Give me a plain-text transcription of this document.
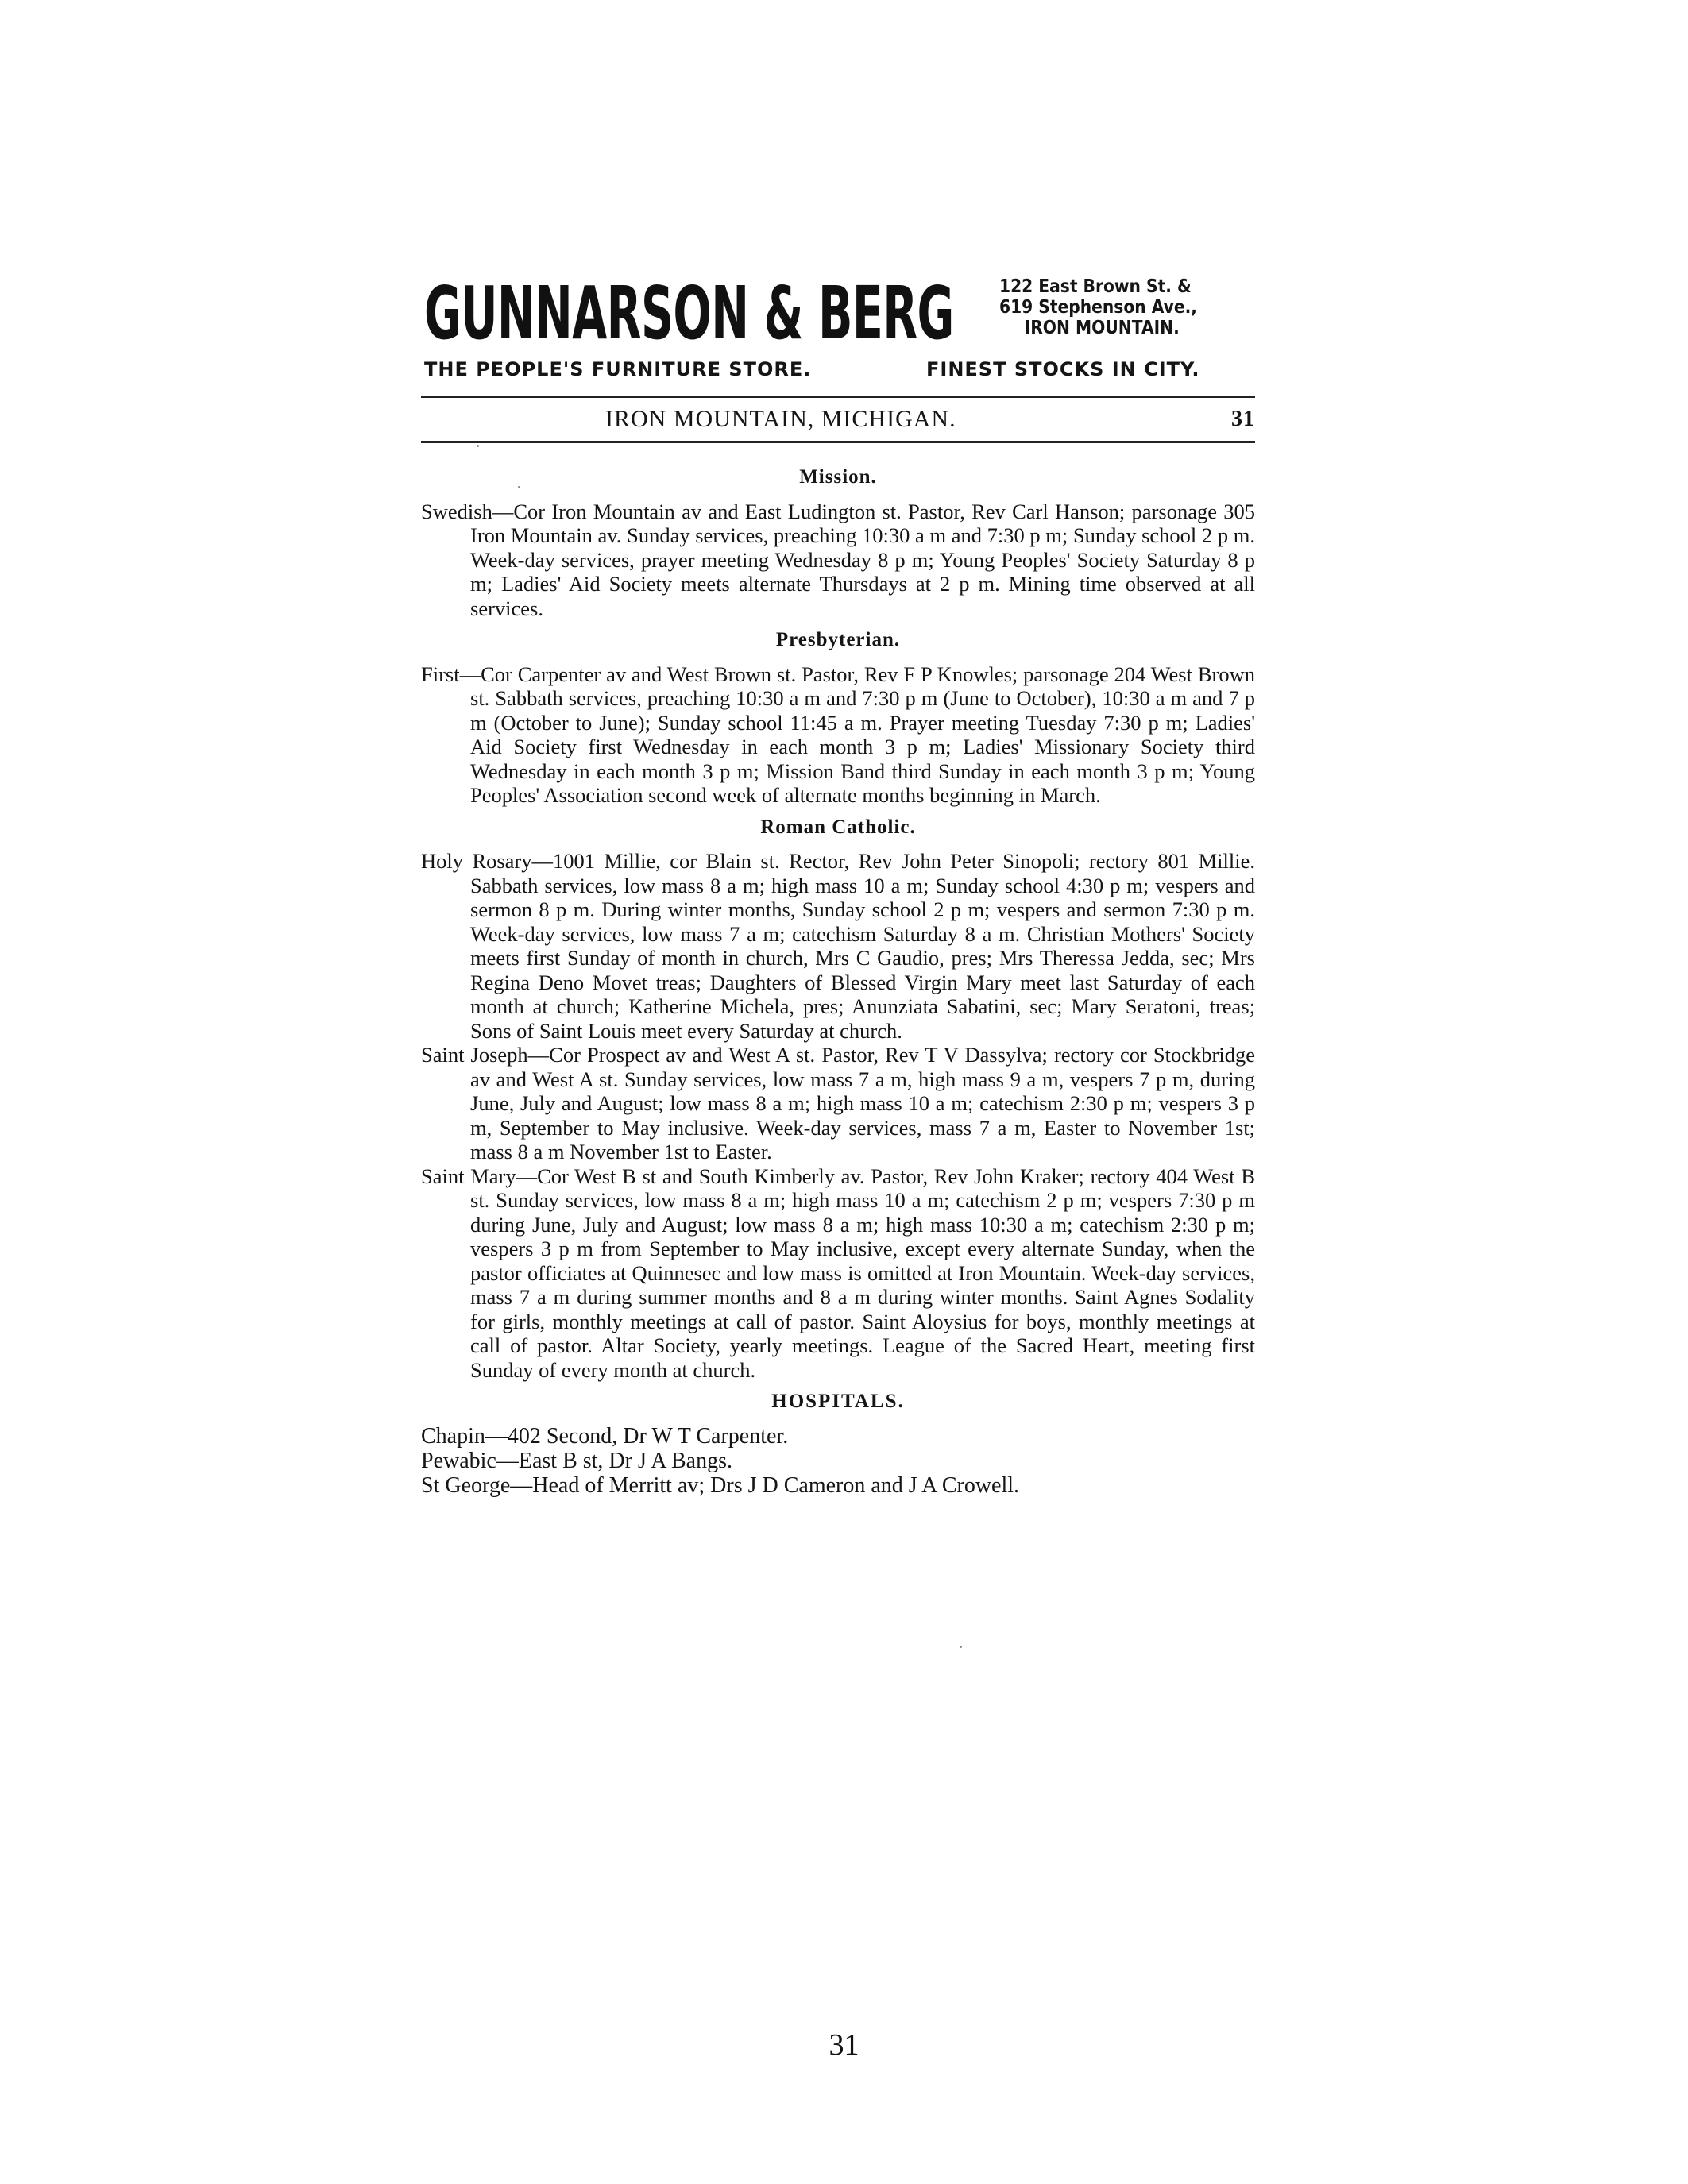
GUNNARSON & BERG 122 East Brown St. &
619 Stephenson Ave.,
IRON MOUNTAIN.
THE PEOPLE'S FURNITURE STORE.	FINEST STOCKS IN CITY.
IRON MOUNTAIN, MICHIGAN.	31
Mission.

Swedish—Cor Iron Mountain av and East Ludington st. Pastor, Rev Carl Hanson; parsonage 305 Iron Mountain av. Sunday services, preaching 10:30 a m and 7:30 p m; Sunday school 2 p m. Week-day services, prayer meeting Wednesday 8 p m; Young Peoples' Society Saturday 8 p m; Ladies' Aid Society meets alternate Thursdays at 2 p m. Mining time observed at all services.

Presbyterian.

First—Cor Carpenter av and West Brown st. Pastor, Rev F P Knowles; parsonage 204 West Brown st. Sabbath services, preaching 10:30 a m and 7:30 p m (June to October), 10:30 a m and 7 p m (October to June); Sunday school 11:45 a m. Prayer meeting Tuesday 7:30 p m; Ladies' Aid Society first Wednesday in each month 3 p m; Ladies' Missionary Society third Wednesday in each month 3 p m; Mission Band third Sunday in each month 3 p m; Young Peoples' Association second week of alternate months beginning in March.

Roman Catholic.

Holy Rosary—1001 Millie, cor Blain st. Rector, Rev John Peter Sinopoli; rectory 801 Millie. Sabbath services, low mass 8 a m; high mass 10 a m; Sunday school 4:30 p m; vespers and sermon 8 p m. During winter months, Sunday school 2 p m; vespers and sermon 7:30 p m. Week-day services, low mass 7 a m; catechism Saturday 8 a m. Christian Mothers' Society meets first Sunday of month in church, Mrs C Gaudio, pres; Mrs Theressa Jedda, sec; Mrs Regina Deno Movet treas; Daughters of Blessed Virgin Mary meet last Saturday of each month at church; Katherine Michela, pres; Anunziata Sabatini, sec; Mary Seratoni, treas; Sons of Saint Louis meet every Saturday at church.

Saint Joseph—Cor Prospect av and West A st. Pastor, Rev T V Dassylva; rectory cor Stockbridge av and West A st. Sunday services, low mass 7 a m, high mass 9 a m, vespers 7 p m, during June, July and August; low mass 8 a m; high mass 10 a m; catechism 2:30 p m; vespers 3 p m, September to May inclusive. Week-day services, mass 7 a m, Easter to November 1st; mass 8 a m November 1st to Easter.

Saint Mary—Cor West B st and South Kimberly av. Pastor, Rev John Kraker; rectory 404 West B st. Sunday services, low mass 8 a m; high mass 10 a m; catechism 2 p m; vespers 7:30 p m during June, July and August; low mass 8 a m; high mass 10:30 a m; catechism 2:30 p m; vespers 3 p m from September to May inclusive, except every alternate Sunday, when the pastor officiates at Quinnesec and low mass is omitted at Iron Mountain. Week-day services, mass 7 a m during summer months and 8 a m during winter months. Saint Agnes Sodality for girls, monthly meetings at call of pastor. Saint Aloysius for boys, monthly meetings at call of pastor. Altar Society, yearly meetings. League of the Sacred Heart, meeting first Sunday of every month at church.

HOSPITALS.

Chapin—402 Second, Dr W T Carpenter.

Pewabic—East B st, Dr J A Bangs.

St George—Head of Merritt av; Drs J D Cameron and J A Crowell.

31
